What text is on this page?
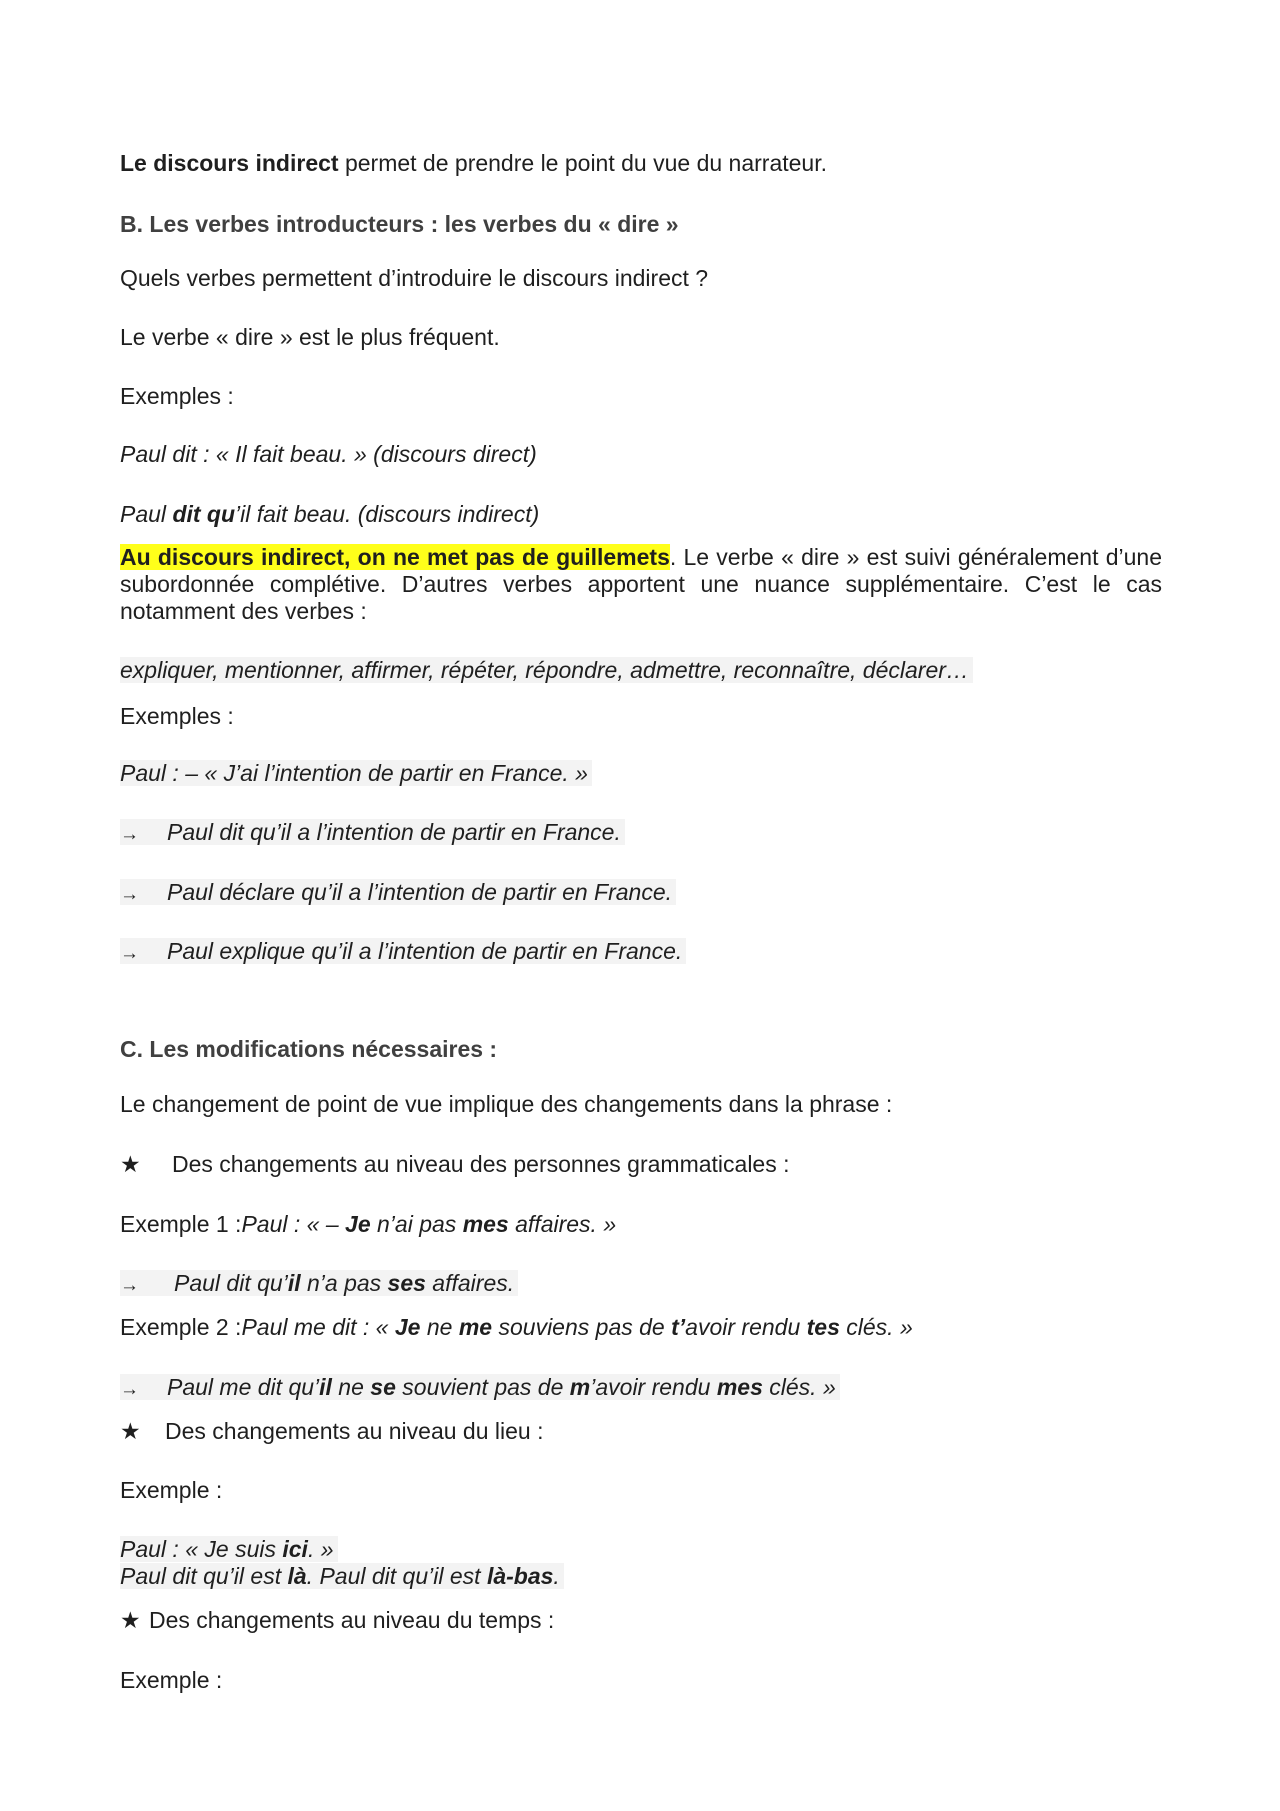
Le discours indirect permet de prendre le point du vue du narrateur.
B. Les verbes introducteurs : les verbes du « dire »
Quels verbes permettent d’introduire le discours indirect ?
Le verbe « dire » est le plus fréquent.
Exemples :
Paul dit : « Il fait beau. » (discours direct)
Paul dit qu’il fait beau. (discours indirect)
Au discours indirect, on ne met pas de guillemets. Le verbe « dire » est suivi généralement d’une subordonnée complétive. D’autres verbes apportent une nuance supplémentaire. C’est le cas notamment des verbes :
expliquer, mentionner, affirmer, répéter, répondre, admettre, reconnaître, déclarer…
Exemples :
Paul : – « J’ai l’intention de partir en France. »
→ Paul dit qu’il a l’intention de partir en France.
→ Paul déclare qu’il a l’intention de partir en France.
→ Paul explique qu’il a l’intention de partir en France.
C. Les modifications nécessaires :
Le changement de point de vue implique des changements dans la phrase :
★ Des changements au niveau des personnes grammaticales :
Exemple 1 :Paul : « – Je n’ai pas mes affaires. »
→ Paul dit qu’il n’a pas ses affaires.
Exemple 2 :Paul me dit : « Je ne me souviens pas de t’avoir rendu tes clés. »
→ Paul me dit qu’il ne se souvient pas de m’avoir rendu mes clés. »
★ Des changements au niveau du lieu :
Exemple :
Paul : « Je suis ici. »
Paul dit qu’il est là. Paul dit qu’il est là-bas.
★ Des changements au niveau du temps :
Exemple :
